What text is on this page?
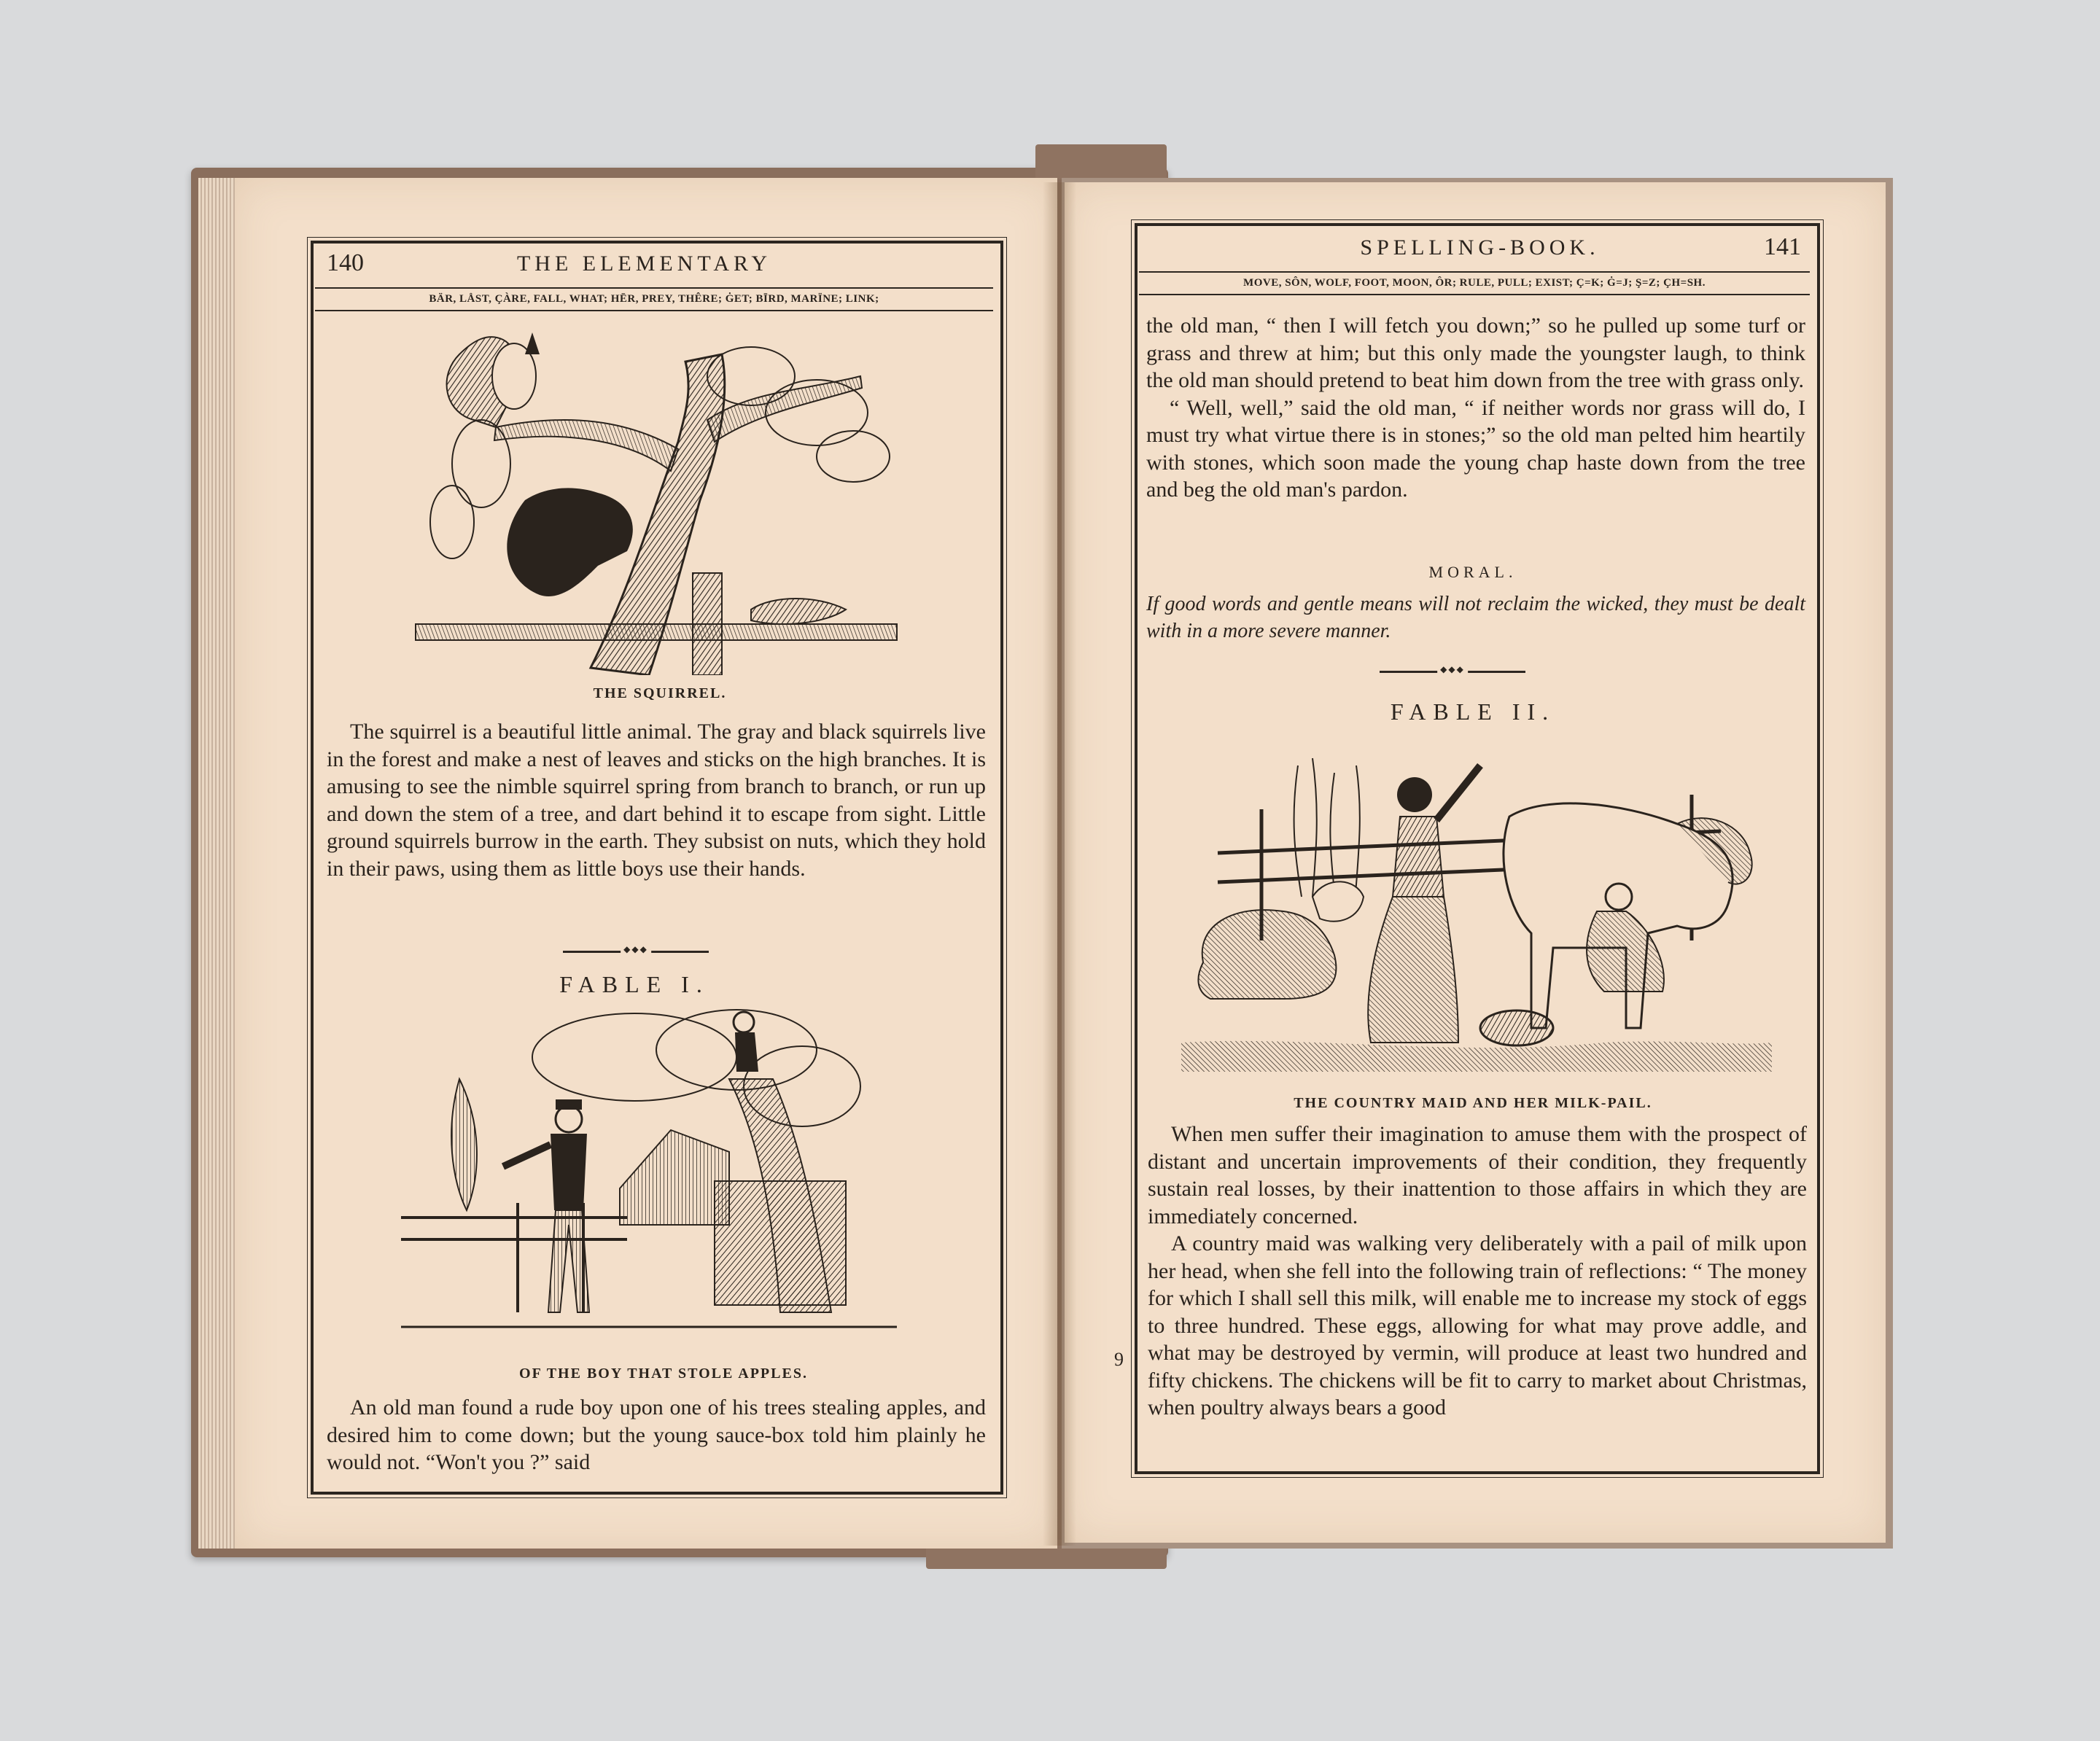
140	THE ELEMENTARY
BÄR, LÅST, ÇÀRE, FALL, WHAT; HĒR, PREY, THÊRE; ĠET; BĪRD, MARÏNE; LINK;
THE SQUIRREL.

The squirrel is a beautiful little animal. The gray and black squirrels live in the forest and make a nest of leaves and sticks on the high branches. It is amusing to see the nimble squirrel spring from branch to branch, or run up and down the stem of a tree, and dart behind it to escape from sight. Little ground squirrels burrow in the earth. They subsist on nuts, which they hold in their paws, using them as little boys use their hands.

◆◆◆
FABLE I.
OF THE BOY THAT STOLE APPLES.

An old man found a rude boy upon one of his trees stealing apples, and desired him to come down; but the young sauce-box told him plainly he would not. “Won't you ?” said

SPELLING-BOOK.	141
MOVE, SÔN, WOLF, FOOT, MOON, ÔR; RULE, PULL; EXIST; Ç=K; Ġ=J; Ş=Z; ÇH=SH.

the old man, “ then I will fetch you down;” so he pulled up some turf or grass and threw at him; but this only made the youngster laugh, to think the old man should pretend to beat him down from the tree with grass only.

“ Well, well,” said the old man, “ if neither words nor grass will do, I must try what virtue there is in stones;” so the old man pelted him heartily with stones, which soon made the young chap haste down from the tree and beg the old man's pardon.

MORAL.
If good words and gentle means will not reclaim the wicked, they must be dealt with in a more severe manner.
◆◆◆
FABLE II.
THE COUNTRY MAID AND HER MILK-PAIL.

When men suffer their imagination to amuse them with the prospect of distant and uncertain improvements of their condition, they frequently sustain real losses, by their inattention to those affairs in which they are immediately concerned.

A country maid was walking very deliberately with a pail of milk upon her head, when she fell into the following train of reflections: “ The money for which I shall sell this milk, will enable me to increase my stock of eggs to three hundred. These eggs, allowing for what may prove addle, and what may be destroyed by vermin, will produce at least two hundred and fifty chickens. The chickens will be fit to carry to market about Christmas, when poultry always bears a good

9
